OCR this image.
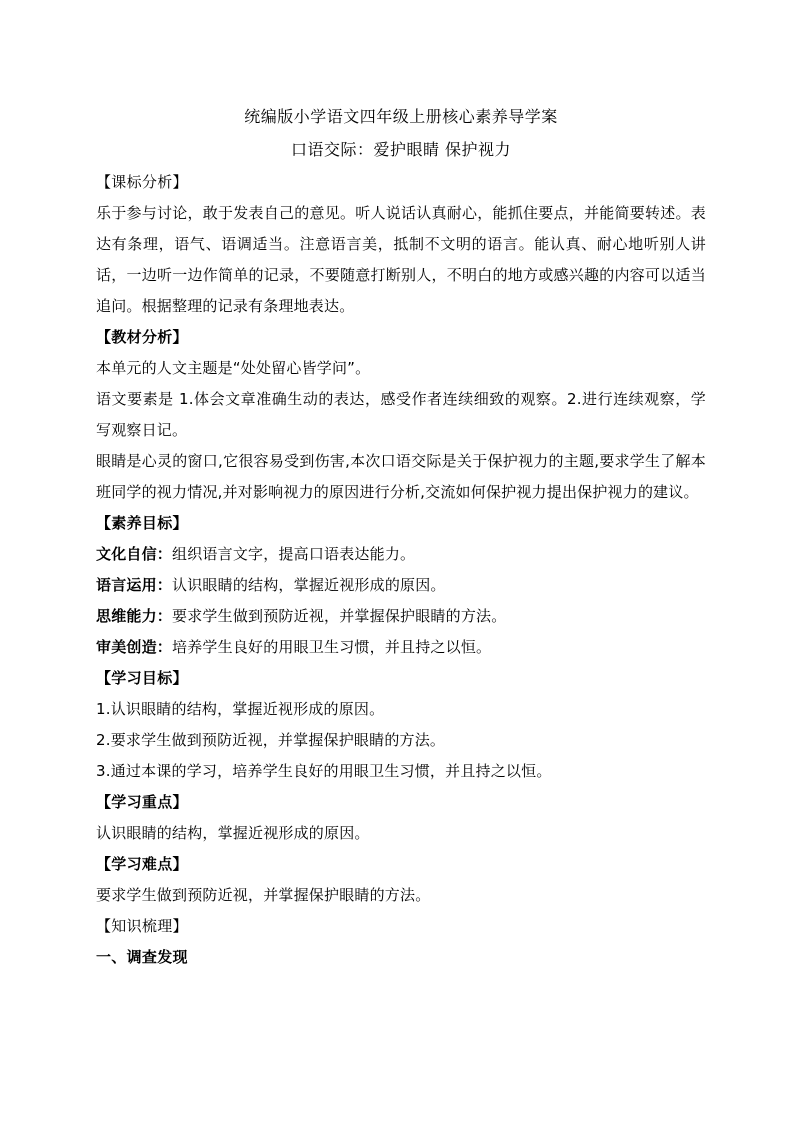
统编版小学语文四年级上册核心素养导学案

口语交际：爱护眼睛 保护视力

【课标分析】

乐于参与讨论，敢于发表自己的意见。听人说话认真耐心，能抓住要点，并能简要转述。表达有条理，语气、语调适当。注意语言美，抵制不文明的语言。能认真、耐心地听别人讲话，一边听一边作简单的记录，不要随意打断别人，不明白的地方或感兴趣的内容可以适当追问。根据整理的记录有条理地表达。

【教材分析】

本单元的人文主题是“处处留心皆学问”。

语文要素是 1.体会文章准确生动的表达，感受作者连续细致的观察。2.进行连续观察，学写观察日记。

眼睛是心灵的窗口,它很容易受到伤害,本次口语交际是关于保护视力的主题,要求学生了解本班同学的视力情况,并对影响视力的原因进行分析,交流如何保护视力提出保护视力的建议。

【素养目标】

文化自信：组织语言文字，提高口语表达能力。

语言运用：认识眼睛的结构，掌握近视形成的原因。

思维能力：要求学生做到预防近视，并掌握保护眼睛的方法。

审美创造：培养学生良好的用眼卫生习惯，并且持之以恒。

【学习目标】

1.认识眼睛的结构，掌握近视形成的原因。

2.要求学生做到预防近视，并掌握保护眼睛的方法。

3.通过本课的学习，培养学生良好的用眼卫生习惯，并且持之以恒。

【学习重点】

认识眼睛的结构，掌握近视形成的原因。

【学习难点】

要求学生做到预防近视，并掌握保护眼睛的方法。

【知识梳理】

一、调查发现
